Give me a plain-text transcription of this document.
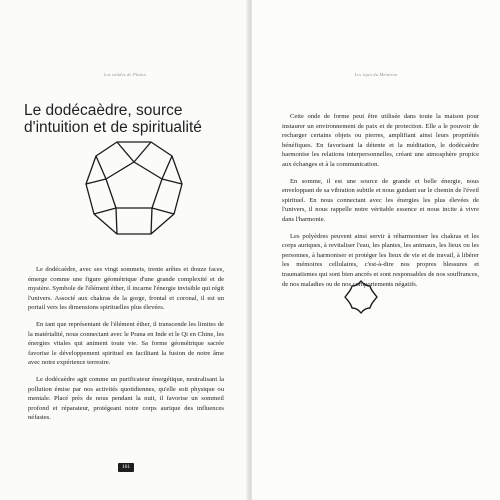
Les solides de Platon
Le dodécaèdre, source d'intuition et de spiritualité

Le dodécaèdre, avec ses vingt sommets, trente arêtes et douze faces, émerge comme une figure géométrique d'une grande complexité et de mystère. Symbole de l'élément éther, il incarne l'énergie invisible qui régit l'univers. Associé aux chakras de la gorge, frontal et coronal, il est un portail vers les dimensions spirituelles plus élevées.

En tant que représentant de l'élément éther, il transcende les limites de la matérialité, nous connectant avec le Prana en Inde et le Qi en Chine, les énergies vitales qui animent toute vie. Sa forme géométrique sacrée favorise le développement spirituel en facilitant la fusion de notre âme avec notre expérience terrestre.

Le dodécaèdre agit comme un purificateur énergétique, neutralisant la pollution émise par nos activités quotidiennes, qu'elle soit physique ou mentale. Placé près de nous pendant la nuit, il favorise un sommeil profond et réparateur, protégeant notre corps aurique des influences néfastes.

161
Les tiges du Métatron

Cette onde de forme peut être utilisée dans toute la maison pour instaurer un environnement de paix et de protection. Elle a le pouvoir de recharger certains objets ou pierres, amplifiant ainsi leurs propriétés bénéfiques. En favorisant la détente et la méditation, le dodécaèdre harmonise les relations interpersonnelles, créant une atmosphère propice aux échanges et à la communication.

En somme, il est une source de grande et belle énergie, nous enveloppant de sa vibration subtile et nous guidant sur le chemin de l'éveil spirituel. En nous connectant avec les énergies les plus élevées de l'univers, il nous rappelle notre véritable essence et nous incite à vivre dans l'harmonie.

Les polyèdres peuvent ainsi servir à réharmoniser les chakras et les corps auriques, à revitaliser l'eau, les plantes, les animaux, les lieux ou les personnes, à harmoniser et protéger les lieux de vie et de travail, à libérer les mémoires cellulaires, c'est-à-dire nos propres blessures et traumatismes qui sont bien ancrés et sont responsables de nos souffrances, de nos maladies ou de nos comportements négatifs.
